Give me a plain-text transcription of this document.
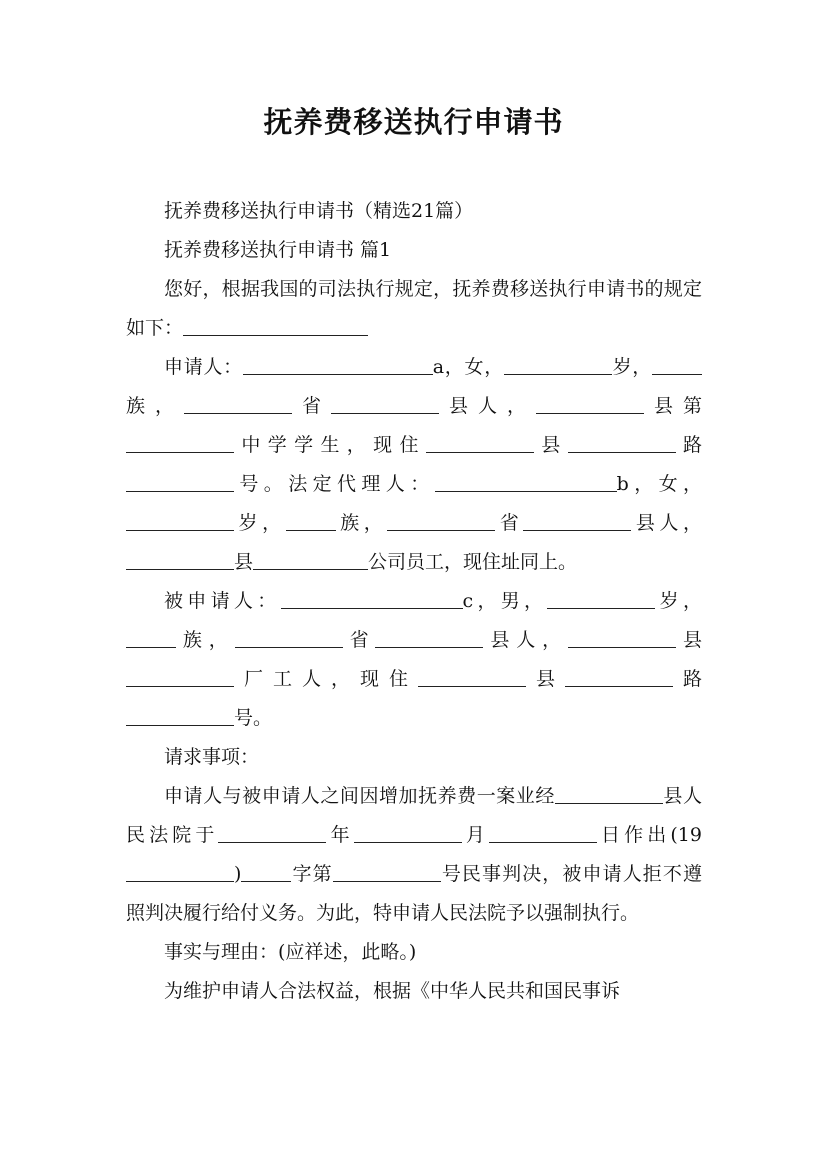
抚养费移送执行申请书

抚养费移送执行申请书（精选21篇）

抚养费移送执行申请书 篇1

您好，根据我国的司法执行规定，抚养费移送执行申请书的规定如下：

申请人：	a，女，	岁，族，	省	县人，	县第中学学生，现住	县	路号。法定代理人：	b，女，岁，	族，	省	县人，县	公司员工，现住址同上。

被申请人：	c，男，	岁，族，	省	县人，	县厂工人，现住	县	路号。

请求事项：

申请人与被申请人之间因增加抚养费一案业经	县人民法院于	年	月	日作出(19)	字第	号民事判决，被申请人拒不遵照判决履行给付义务。为此，特申请人民法院予以强制执行。

事实与理由：(应祥述，此略。)

为维护申请人合法权益，根据《中华人民共和国民事诉
